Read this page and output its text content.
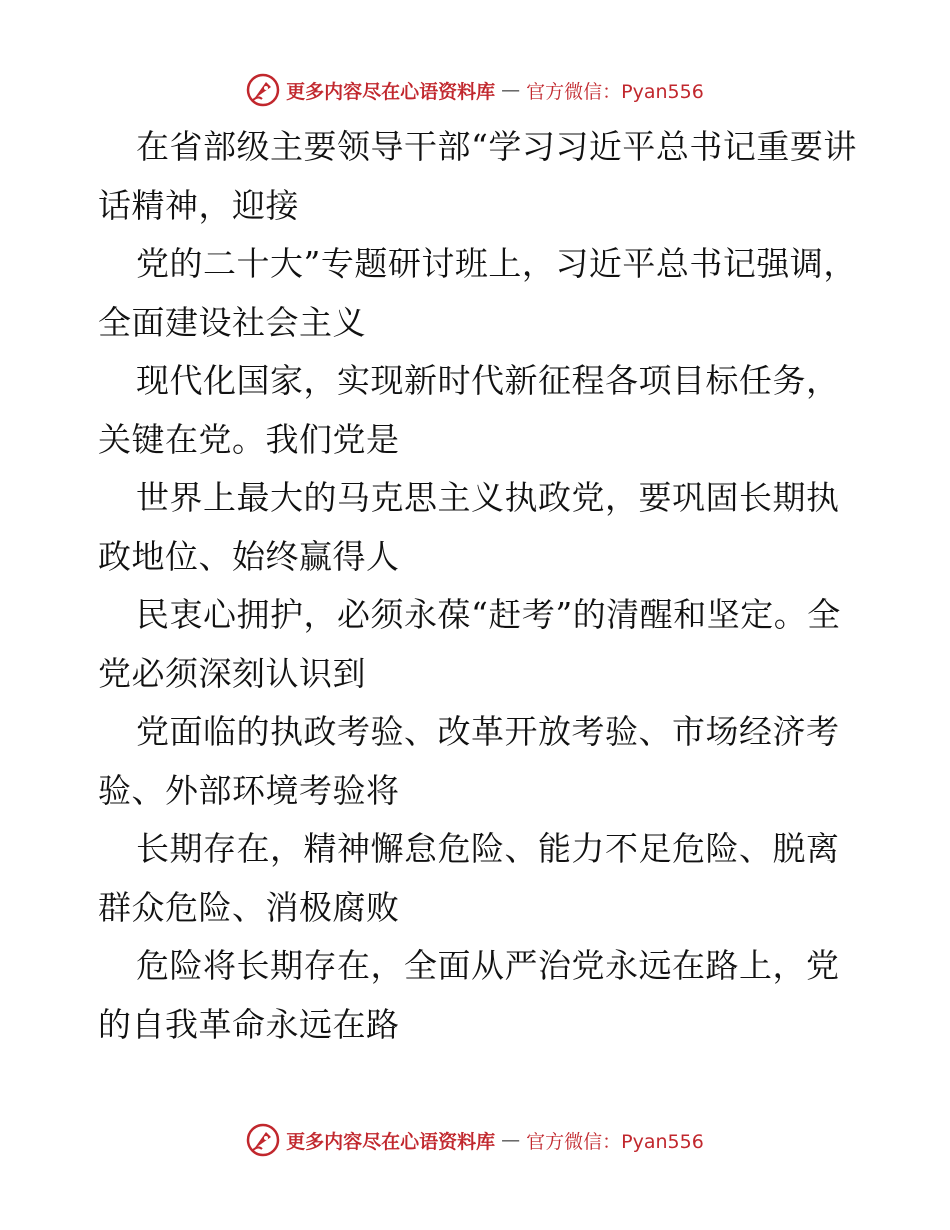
更多内容尽在心语资料库 — 官方微信：Pyan556

在省部级主要领导干部“学习习近平总书记重要讲话精神，迎接

党的二十大”专题研讨班上，习近平总书记强调，全面建设社会主义

现代化国家，实现新时代新征程各项目标任务，关键在党。我们党是

世界上最大的马克思主义执政党，要巩固长期执政地位、始终赢得人

民衷心拥护，必须永葆“赶考”的清醒和坚定。全党必须深刻认识到

党面临的执政考验、改革开放考验、市场经济考验、外部环境考验将

长期存在，精神懈怠危险、能力不足危险、脱离群众危险、消极腐败

危险将长期存在，全面从严治党永远在路上，党的自我革命永远在路

更多内容尽在心语资料库 — 官方微信：Pyan556
